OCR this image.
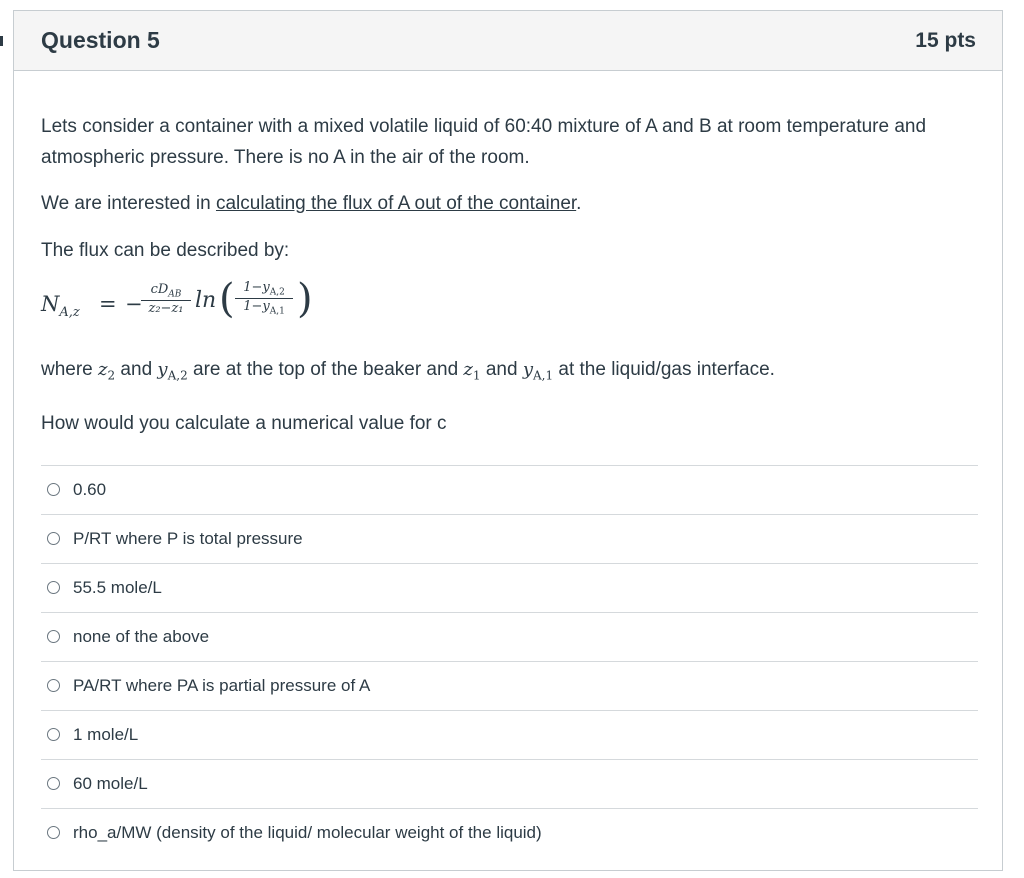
Question 5	15 pts

Lets consider a container with a mixed volatile liquid of 60:40 mixture of A and B at room temperature and atmospheric pressure. There is no A in the air of the room.

We are interested in calculating the flux of A out of the container.

The flux can be described by:

$N_{A,z}$ = −
$cD_{AB}$
z₂−z₁ ln ( $\frac{1-y_{A,2}}{1-y_{A,1}}$ )

where $z_2$ and $y_{A,2}$ are at the top of the beaker and $z_1$ and $y_{A,1}$ at the liquid/gas interface.

How would you calculate a numerical value for c

0.60
P/RT where P is total pressure
55.5 mole/L
none of the above
PA/RT where PA is partial pressure of A
1 mole/L
60 mole/L
rho_a/MW (density of the liquid/ molecular weight of the liquid)
